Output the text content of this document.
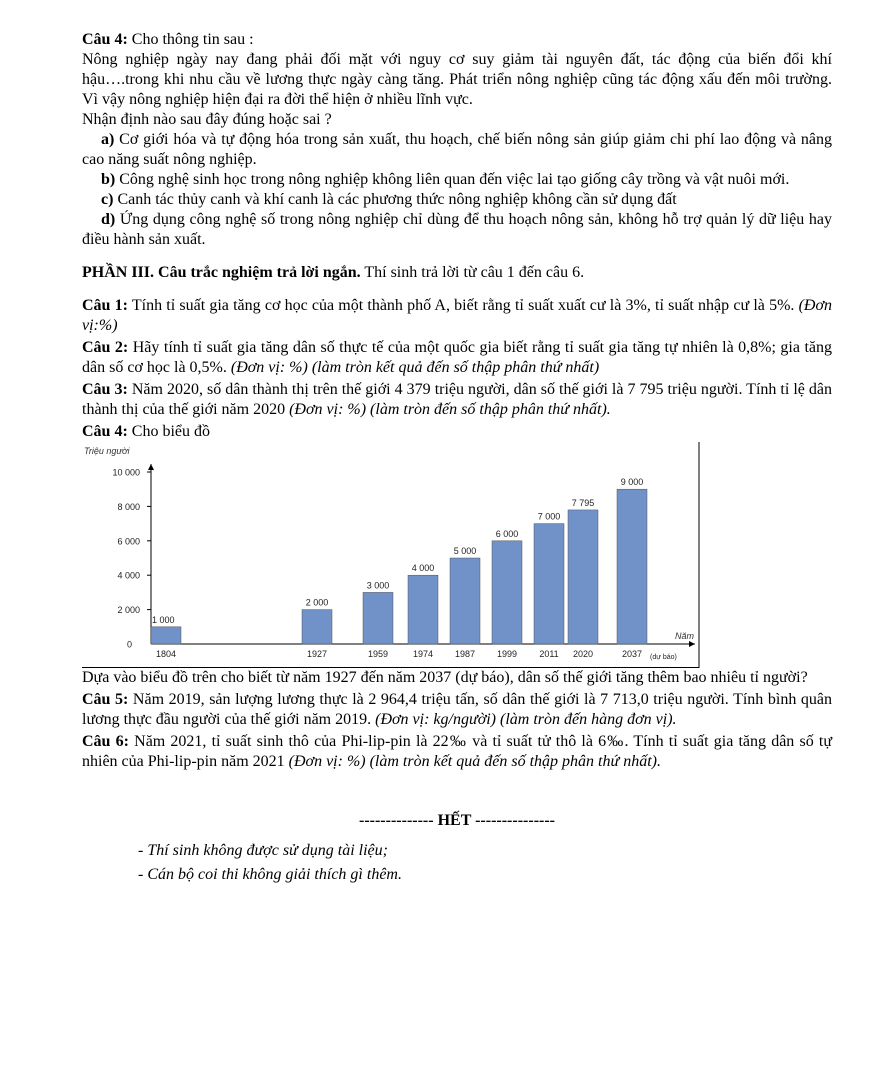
Câu 4: Cho thông tin sau :

Nông nghiệp ngày nay đang phải đối mặt với nguy cơ suy giảm tài nguyên đất, tác động của biến đổi khí hậu….trong khi nhu cầu về lương thực ngày càng tăng. Phát triển nông nghiệp cũng tác động xấu đến môi trường. Vì vậy nông nghiệp hiện đại ra đời thể hiện ở nhiều lĩnh vực.

Nhận định nào sau đây đúng hoặc sai ?

a) Cơ giới hóa và tự động hóa trong sản xuất, thu hoạch, chế biến nông sản giúp giảm chi phí lao động và nâng cao năng suất nông nghiệp.

b) Công nghệ sinh học trong nông nghiệp không liên quan đến việc lai tạo giống cây trồng và vật nuôi mới.

c) Canh tác thủy canh và khí canh là các phương thức nông nghiệp không cần sử dụng đất

d) Ứng dụng công nghệ số trong nông nghiệp chỉ dùng để thu hoạch nông sản, không hỗ trợ quản lý dữ liệu hay điều hành sản xuất.

PHẦN III. Câu trắc nghiệm trả lời ngắn. Thí sinh trả lời từ câu 1 đến câu 6.

Câu 1: Tính tỉ suất gia tăng cơ học của một thành phố A, biết rằng tỉ suất xuất cư là 3%, tỉ suất nhập cư là 5%. (Đơn vị:%)

Câu 2: Hãy tính tỉ suất gia tăng dân số thực tế của một quốc gia biết rằng tỉ suất gia tăng tự nhiên là 0,8%; gia tăng dân số cơ học là 0,5%. (Đơn vị: %) (làm tròn kết quả đến số thập phân thứ nhất)

Câu 3: Năm 2020, số dân thành thị trên thế giới 4 379 triệu người, dân số thế giới là 7 795 triệu người. Tính tỉ lệ dân thành thị của thế giới năm 2020 (Đơn vị: %) (làm tròn đến số thập phân thứ nhất).

Câu 4: Cho biểu đồ

Triệu người
Năm
0
2 000
4 000
6 000
8 000
10 000
1 000
1804
2 000
1927
3 000
1959
4 000
1974
5 000
1987
6 000
1999
7 000
2011
7 795
2020
9 000
2037 (dự báo)

Dựa vào biểu đồ trên cho biết từ năm 1927 đến năm 2037 (dự báo), dân số thế giới tăng thêm bao nhiêu tỉ người?

Câu 5: Năm 2019, sản lượng lương thực là 2 964,4 triệu tấn, số dân thế giới là 7 713,0 triệu người. Tính bình quân lương thực đầu người của thế giới năm 2019. (Đơn vị: kg/người) (làm tròn đến hàng đơn vị).

Câu 6: Năm 2021, tỉ suất sinh thô của Phi-lip-pin là 22‰ và tỉ suất tử thô là 6‰. Tính tỉ suất gia tăng dân số tự nhiên của Phi-lip-pin năm 2021 (Đơn vị: %) (làm tròn kết quả đến số thập phân thứ nhất).

-------------- HẾT ---------------

- Thí sinh không được sử dụng tài liệu;
- Cán bộ coi thi không giải thích gì thêm.
